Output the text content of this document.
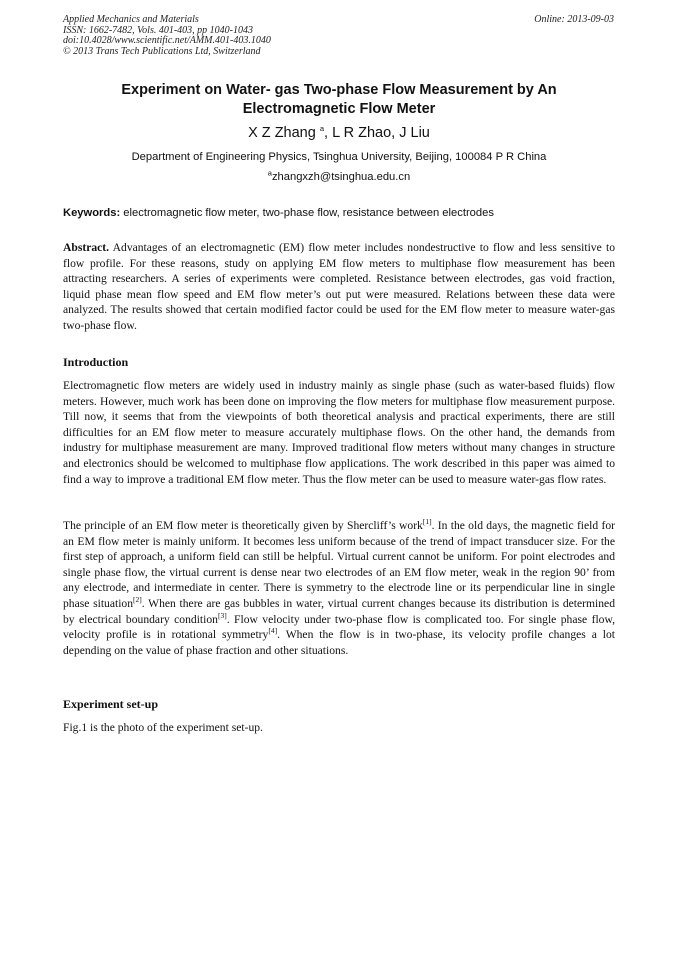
Applied Mechanics and Materials
ISSN: 1662-7482, Vols. 401-403, pp 1040-1043
doi:10.4028/www.scientific.net/AMM.401-403.1040
© 2013 Trans Tech Publications Ltd, Switzerland
Online: 2013-09-03
Experiment on Water- gas Two-phase Flow Measurement by An Electromagnetic Flow Meter
X Z Zhang $^a$, L R Zhao, J Liu
Department of Engineering Physics, Tsinghua University, Beijing, 100084 P R China
$^a$zhangxzh@tsinghua.edu.cn
Keywords: electromagnetic flow meter, two-phase flow, resistance between electrodes
Abstract. Advantages of an electromagnetic (EM) flow meter includes nondestructive to flow and less sensitive to flow profile. For these reasons, study on applying EM flow meters to multiphase flow measurement has been attracting researchers. A series of experiments were completed. Resistance between electrodes, gas void fraction, liquid phase mean flow speed and EM flow meter’s out put were measured. Relations between these data were analyzed. The results showed that certain modified factor could be used for the EM flow meter to measure water-gas two-phase flow.
Introduction
Electromagnetic flow meters are widely used in industry mainly as single phase (such as water-based fluids) flow meters. However, much work has been done on improving the flow meters for multiphase flow measurement purpose. Till now, it seems that from the viewpoints of both theoretical analysis and practical experiments, there are still difficulties for an EM flow meter to measure accurately multiphase flows. On the other hand, the demands from industry for multiphase measurement are many. Improved traditional flow meters without many changes in structure and electronics should be welcomed to multiphase flow applications. The work described in this paper was aimed to find a way to improve a traditional EM flow meter. Thus the flow meter can be used to measure water-gas flow rates.
The principle of an EM flow meter is theoretically given by Shercliff’s work[1]. In the old days, the magnetic field for an EM flow meter is mainly uniform. It becomes less uniform because of the trend of impact transducer size. For the first step of approach, a uniform field can still be helpful. Virtual current cannot be uniform. For point electrodes and single phase flow, the virtual current is dense near two electrodes of an EM flow meter, weak in the region 90’ from any electrode, and intermediate in center. There is symmetry to the electrode line or its perpendicular line in single phase situation[2]. When there are gas bubbles in water, virtual current changes because its distribution is determined by electrical boundary condition[3]. Flow velocity under two-phase flow is complicated too. For single phase flow, velocity profile is in rotational symmetry[4]. When the flow is in two-phase, its velocity profile changes a lot depending on the value of phase fraction and other situations.
Experiment set-up
Fig.1 is the photo of the experiment set-up.
